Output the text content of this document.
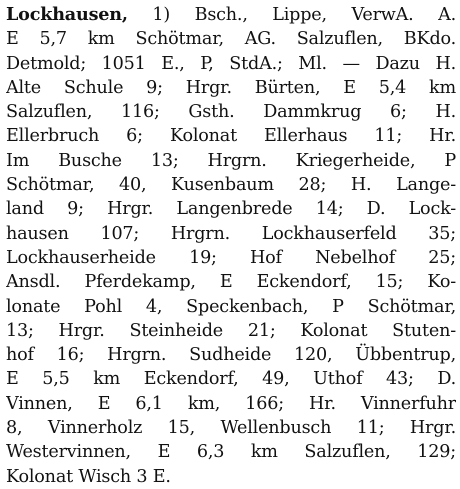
Lockhausen, 1) Bsch., Lippe, VerwA. A.
E 5,7 km Schötmar, AG. Salzuflen, BKdo.
Detmold; 1051 E., P, StdA.; Ml. — Dazu H.
Alte Schule 9; Hrgr. Bürten, E 5,4 km
Salzuflen, 116; Gsth. Dammkrug 6; H.
Ellerbruch 6; Kolonat Ellerhaus 11; Hr.
Im Busche 13; Hrgrn. Kriegerheide, P
Schötmar, 40, Kusenbaum 28; H. Lange-
land 9; Hrgr. Langenbrede 14; D. Lock-
hausen 107; Hrgrn. Lockhauserfeld 35;
Lockhauserheide 19; Hof Nebelhof 25;
Ansdl. Pferdekamp, E Eckendorf, 15; Ko-
lonate Pohl 4, Speckenbach, P Schötmar,
13; Hrgr. Steinheide 21; Kolonat Stuten-
hof 16; Hrgrn. Sudheide 120, Übbentrup,
E 5,5 km Eckendorf, 49, Uthof 43; D.
Vinnen, E 6,1 km, 166; Hr. Vinnerfuhr
8, Vinnerholz 15, Wellenbusch 11; Hrgr.
Westervinnen, E 6,3 km Salzuflen, 129;
Kolonat Wisch 3 E.
